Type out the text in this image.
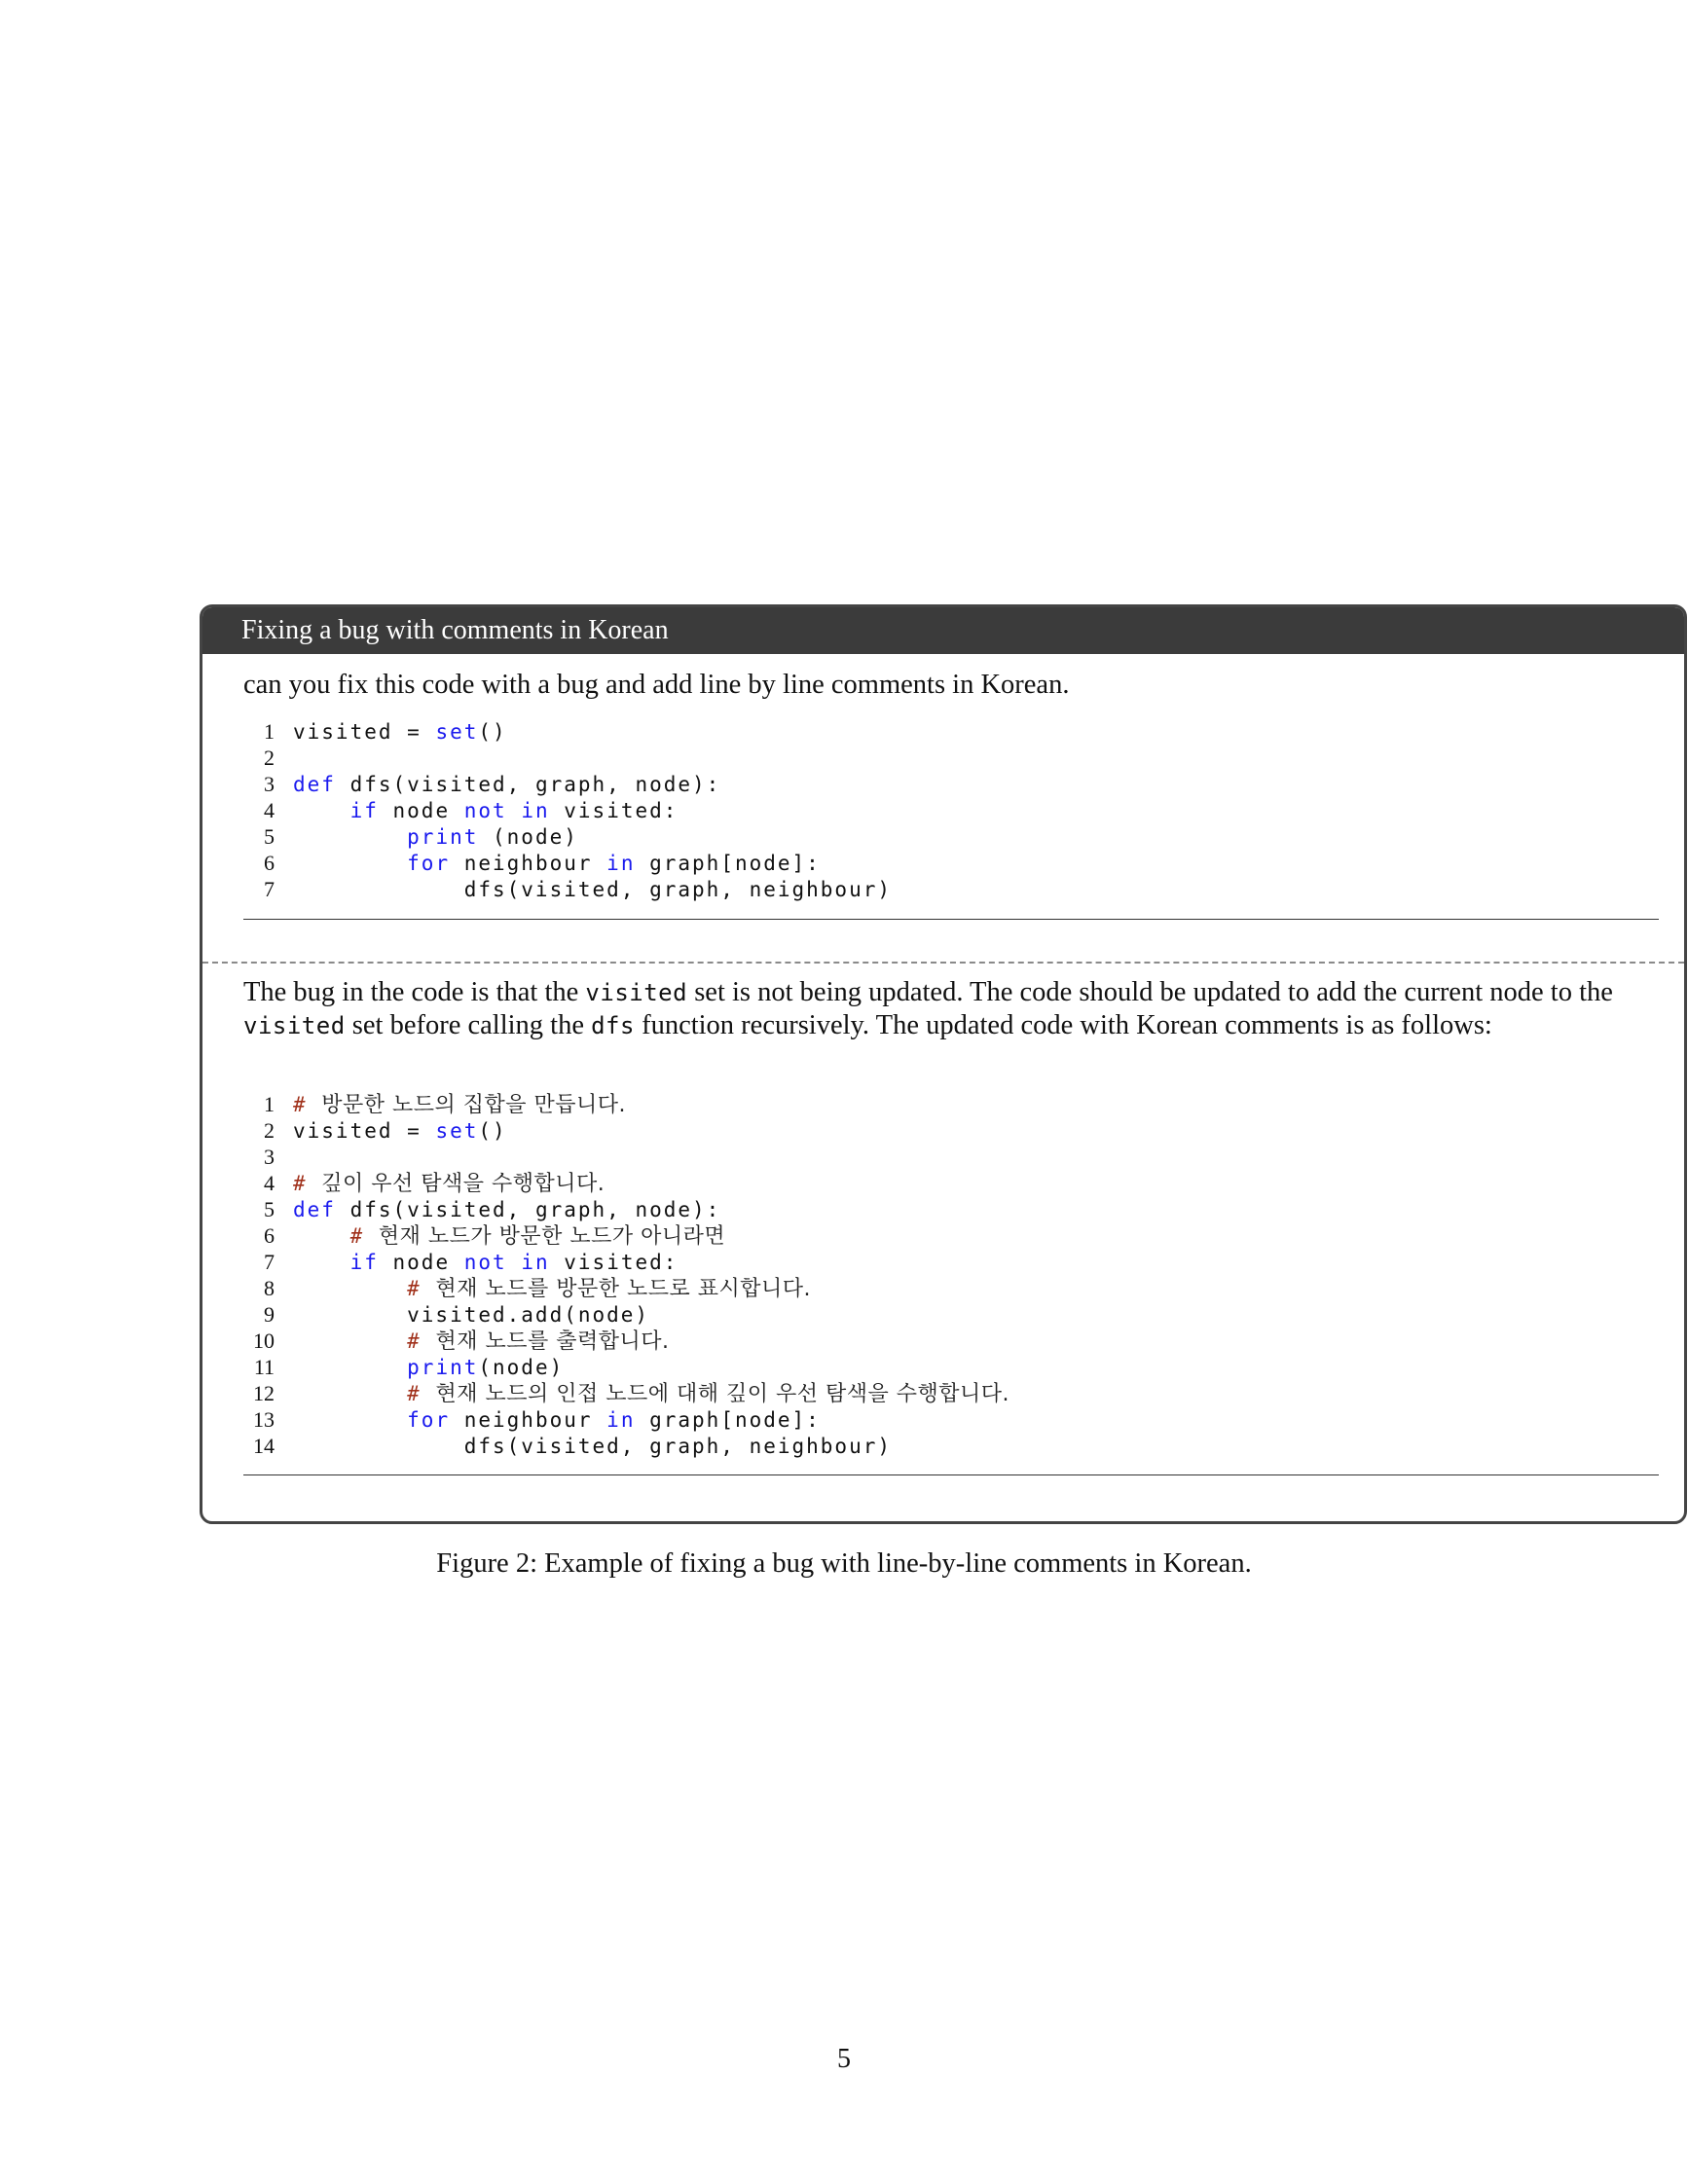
Fixing a bug with comments in Korean
can you fix this code with a bug and add line by line comments in Korean.
1 visited = set()
2
3 def dfs(visited, graph, node):
4	if node not in visited:
5	print (node)
6	for neighbour in graph[node]:
7            dfs(visited, graph, neighbour)
The bug in the code is that the visited set is not being updated. The code should be updated to add the current node to the visited set before calling the dfs function recursively. The updated code with Korean comments is as follows:
1 # 방문한 노드의 집합을 만듭니다.
2 visited = set()
3
4 # 깊이 우선 탐색을 수행합니다.
5 def dfs(visited, graph, node):
6	# 현재 노드가 방문한 노드가 아니라면
7	if node not in visited:
8	# 현재 노드를 방문한 노드로 표시합니다.
9        visited.add(node)
10	# 현재 노드를 출력합니다.
11	print(node)
12	# 현재 노드의 인접 노드에 대해 깊이 우선 탐색을 수행합니다.
13	for neighbour in graph[node]:
14            dfs(visited, graph, neighbour)
Figure 2: Example of fixing a bug with line-by-line comments in Korean.
5
